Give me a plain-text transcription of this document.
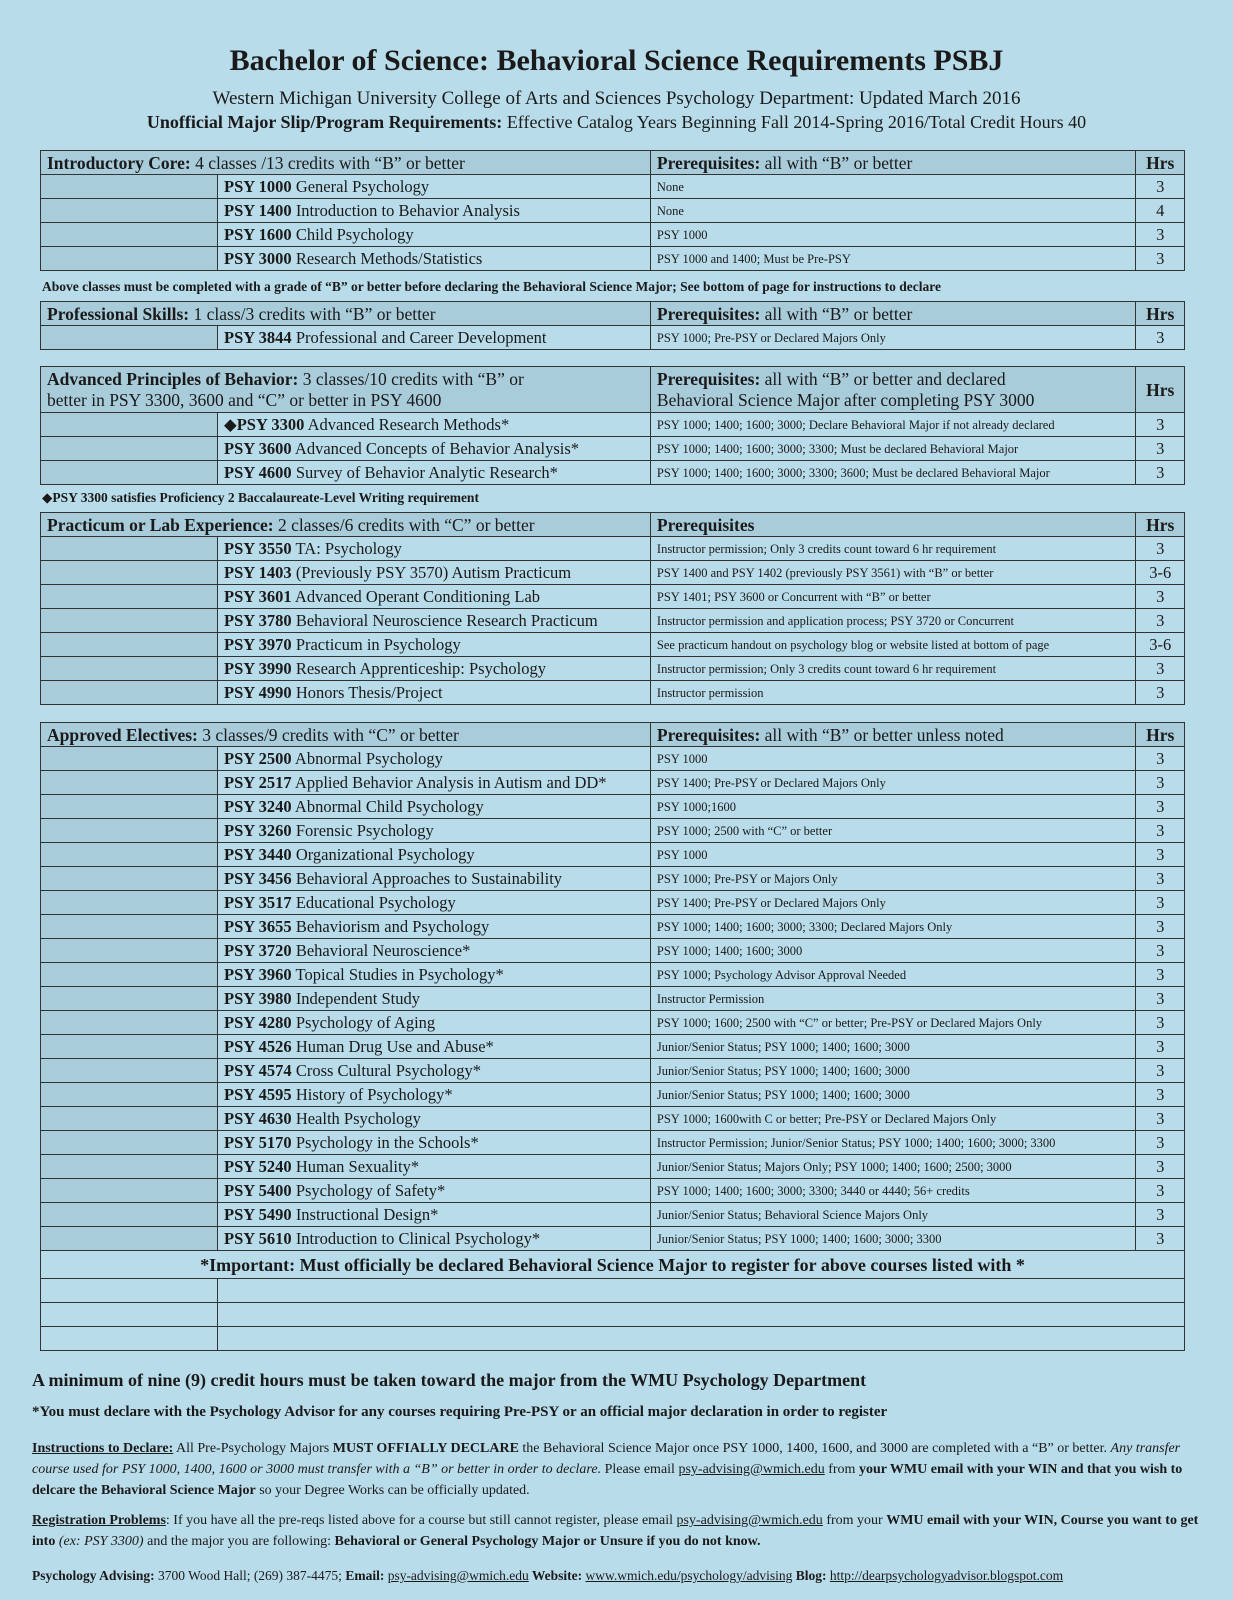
Bachelor of Science: Behavioral Science Requirements PSBJ
Western Michigan University College of Arts and Sciences Psychology Department: Updated March 2016
Unofficial Major Slip/Program Requirements: Effective Catalog Years Beginning Fall 2014-Spring 2016/Total Credit Hours 40
Introductory Core: 4 classes /13 credits with “B” or better		Prerequisites: all with “B” or better	Hrs
	PSY 1000 General Psychology	None	3
	PSY 1400 Introduction to Behavior Analysis	None	4
	PSY 1600 Child Psychology	PSY 1000	3
	PSY 3000 Research Methods/Statistics	PSY 1000 and 1400; Must be Pre-PSY	3
Above classes must be completed with a grade of “B” or better before declaring the Behavioral Science Major; See bottom of page for instructions to declare
Professional Skills: 1 class/3 credits with “B” or better		Prerequisites: all with “B” or better	Hrs
	PSY 3844 Professional and Career Development	PSY 1000; Pre-PSY or Declared Majors Only	3
Advanced Principles of Behavior: 3 classes/10 credits with “B” or
better in PSY 3300, 3600 and “C” or better in PSY 4600		Prerequisites: all with “B” or better and declared
Behavioral Science Major after completing PSY 3000	Hrs
	◆PSY 3300 Advanced Research Methods*	PSY 1000; 1400; 1600; 3000; Declare Behavioral Major if not already declared	3
	PSY 3600 Advanced Concepts of Behavior Analysis*	PSY 1000; 1400; 1600; 3000; 3300; Must be declared Behavioral Major	3
	PSY 4600 Survey of Behavior Analytic Research*	PSY 1000; 1400; 1600; 3000; 3300; 3600; Must be declared Behavioral Major	3
◆PSY 3300 satisfies Proficiency 2 Baccalaureate-Level Writing requirement
Practicum or Lab Experience: 2 classes/6 credits with “C” or better		Prerequisites	Hrs
	PSY 3550 TA: Psychology	Instructor permission; Only 3 credits count toward 6 hr requirement	3
	PSY 1403 (Previously PSY 3570) Autism Practicum	PSY 1400 and PSY 1402 (previously PSY 3561) with “B” or better	3-6
	PSY 3601 Advanced Operant Conditioning Lab	PSY 1401; PSY 3600 or Concurrent with “B” or better	3
	PSY 3780 Behavioral Neuroscience Research Practicum	Instructor permission and application process; PSY 3720 or Concurrent	3
	PSY 3970 Practicum in Psychology	See practicum handout on psychology blog or website listed at bottom of page	3-6
	PSY 3990 Research Apprenticeship: Psychology	Instructor permission; Only 3 credits count toward 6 hr requirement	3
	PSY 4990 Honors Thesis/Project	Instructor permission	3
Approved Electives: 3 classes/9 credits with “C” or better		Prerequisites: all with “B” or better unless noted	Hrs
	PSY 2500 Abnormal Psychology	PSY 1000	3
	PSY 2517 Applied Behavior Analysis in Autism and DD*	PSY 1400; Pre-PSY or Declared Majors Only	3
	PSY 3240 Abnormal Child Psychology	PSY 1000;1600	3
	PSY 3260 Forensic Psychology	PSY 1000; 2500 with “C” or better	3
	PSY 3440 Organizational Psychology	PSY 1000	3
	PSY 3456 Behavioral Approaches to Sustainability	PSY 1000; Pre-PSY or Majors Only	3
	PSY 3517 Educational Psychology	PSY 1400; Pre-PSY or Declared Majors Only	3
	PSY 3655 Behaviorism and Psychology	PSY 1000; 1400; 1600; 3000; 3300; Declared Majors Only	3
	PSY 3720 Behavioral Neuroscience*	PSY 1000; 1400; 1600; 3000	3
	PSY 3960 Topical Studies in Psychology*	PSY 1000; Psychology Advisor Approval Needed	3
	PSY 3980 Independent Study	Instructor Permission	3
	PSY 4280 Psychology of Aging	PSY 1000; 1600; 2500 with “C” or better; Pre-PSY or Declared Majors Only	3
	PSY 4526 Human Drug Use and Abuse*	Junior/Senior Status; PSY 1000; 1400; 1600; 3000	3
	PSY 4574 Cross Cultural Psychology*	Junior/Senior Status; PSY 1000; 1400; 1600; 3000	3
	PSY 4595 History of Psychology*	Junior/Senior Status; PSY 1000; 1400; 1600; 3000	3
	PSY 4630 Health Psychology	PSY 1000; 1600with C or better; Pre-PSY or Declared Majors Only	3
	PSY 5170 Psychology in the Schools*	Instructor Permission; Junior/Senior Status; PSY 1000; 1400; 1600; 3000; 3300	3
	PSY 5240 Human Sexuality*	Junior/Senior Status; Majors Only; PSY 1000; 1400; 1600; 2500; 3000	3
	PSY 5400 Psychology of Safety*	PSY 1000; 1400; 1600; 3000; 3300; 3440 or 4440; 56+ credits	3
	PSY 5490 Instructional Design*	Junior/Senior Status; Behavioral Science Majors Only	3
	PSY 5610 Introduction to Clinical Psychology*	Junior/Senior Status; PSY 1000; 1400; 1600; 3000; 3300	3
*Important: Must officially be declared Behavioral Science Major to register for above courses listed with *			

A minimum of nine (9) credit hours must be taken toward the major from the WMU Psychology Department
*You must declare with the Psychology Advisor for any courses requiring Pre-PSY or an official major declaration in order to register
Instructions to Declare: All Pre-Psychology Majors MUST OFFIALLY DECLARE the Behavioral Science Major once PSY 1000, 1400, 1600, and 3000 are completed with a “B” or better. Any transfer course used for PSY 1000, 1400, 1600 or 3000 must transfer with a “B” or better in order to declare. Please email psy-advising@wmich.edu from your WMU email with your WIN and that you wish to delcare the Behavioral Science Major so your Degree Works can be officially updated.
Registration Problems: If you have all the pre-reqs listed above for a course but still cannot register, please email psy-advising@wmich.edu from your WMU email with your WIN, Course you want to get into (ex: PSY 3300) and the major you are following: Behavioral or General Psychology Major or Unsure if you do not know.
Psychology Advising: 3700 Wood Hall; (269) 387-4475; Email: psy-advising@wmich.edu Website: www.wmich.edu/psychology/advising Blog: http://dearpsychologyadvisor.blogspot.com
